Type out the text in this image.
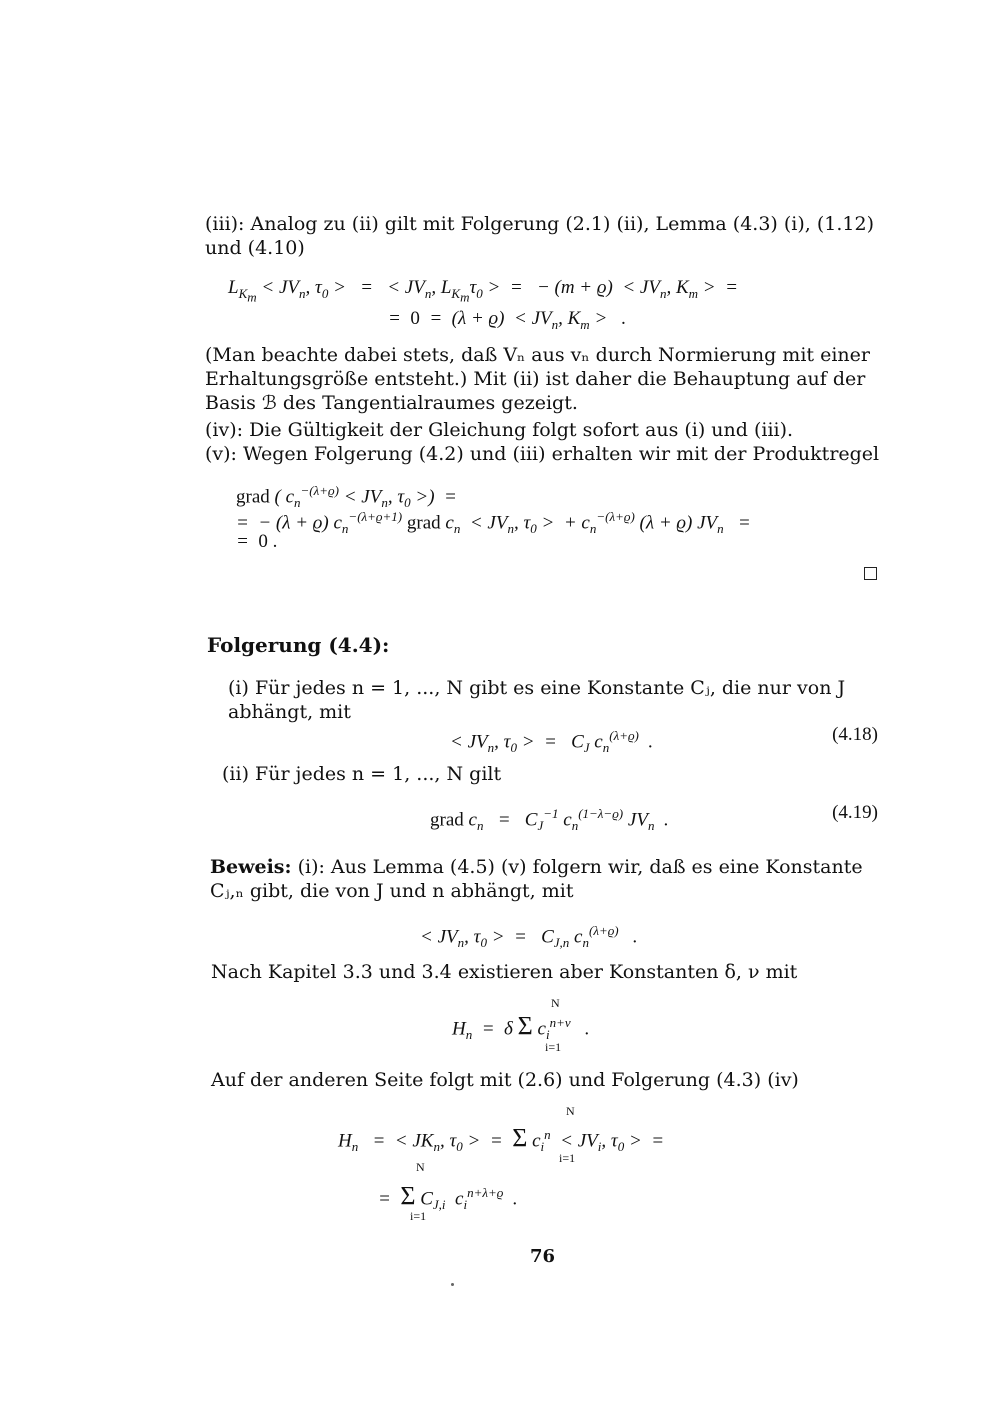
(iii): Analog zu (ii) gilt mit Folgerung (2.1) (ii), Lemma (4.3) (i), (1.12) und (4.10)
$L_{K_m} < JV_n$, $\tau_0$ >   =   < $JV_n$, $L_{K_m}\tau_0$ >  =   − $(m + ϱ) < JV_n$, $K_m$ >  =
=  $0 = (\lambda + ϱ) < JV_n$, $K_m$ >   .
(Man beachte dabei stets, daß Vₙ aus vₙ durch Normierung mit einer Erhaltungsgröße entsteht.) Mit (ii) ist daher die Behauptung auf der Basis ℬ des Tangentialraumes gezeigt.
(iv): Die Gültigkeit der Gleichung folgt sofort aus (i) und (iii).
(v): Wegen Folgerung (4.2) und (iii) erhalten wir mit der Produktregel
grad ( $c_n^{-(\lambda+ϱ)} < JV_n$, $\tau_0$ >)  =
=  − (λ + ϱ) $c_n^{-(\lambda+ϱ+1)}$ grad $c_n < JV_n$, $\tau_0$ >  + $c_n^{-(\lambda+ϱ)}$ (λ + ϱ) $JV_n$   =
=  0 .
Folgerung (4.4):
(i) Für jedes n = 1, ..., N gibt es eine Konstante Cⱼ, die nur von J abhängt, mit
< $JV_n$, $\tau_0$ >  =   $C_J$ $c_n^{(\lambda+ϱ)}$  .	(4.18)
(ii) Für jedes n = 1, ..., N gilt
grad $c_n = C_J^{-1}$ $c_n^{(1-\lambda-ϱ)}$ $JV_n$  .	(4.19)
Beweis: (i): Aus Lemma (4.5) (v) folgern wir, daß es eine Konstante Cⱼ,ₙ gibt, die von J und n abhängt, mit
< $JV_n$, $\tau_0$ >  =   $C_{J,n}$ $c_n^{(\lambda+ϱ)}$   .
Nach Kapitel 3.3 und 3.4 existieren aber Konstanten δ, ν mit
$H_n = \delta$ Σ $c_i^{n+\nu}$   .
N
i=1
Auf der anderen Seite folgt mit (2.6) und Folgerung (4.3) (iv)
$H_n$   =  < $JK_n$, $\tau_0$ >  =  Σ $c_i^n < JV_i$, $\tau_0$ >  =
N
i=1
=  Σ $C_{J,i}$  $c_i^{n+\lambda+ϱ}$  .
N
i=1
76
